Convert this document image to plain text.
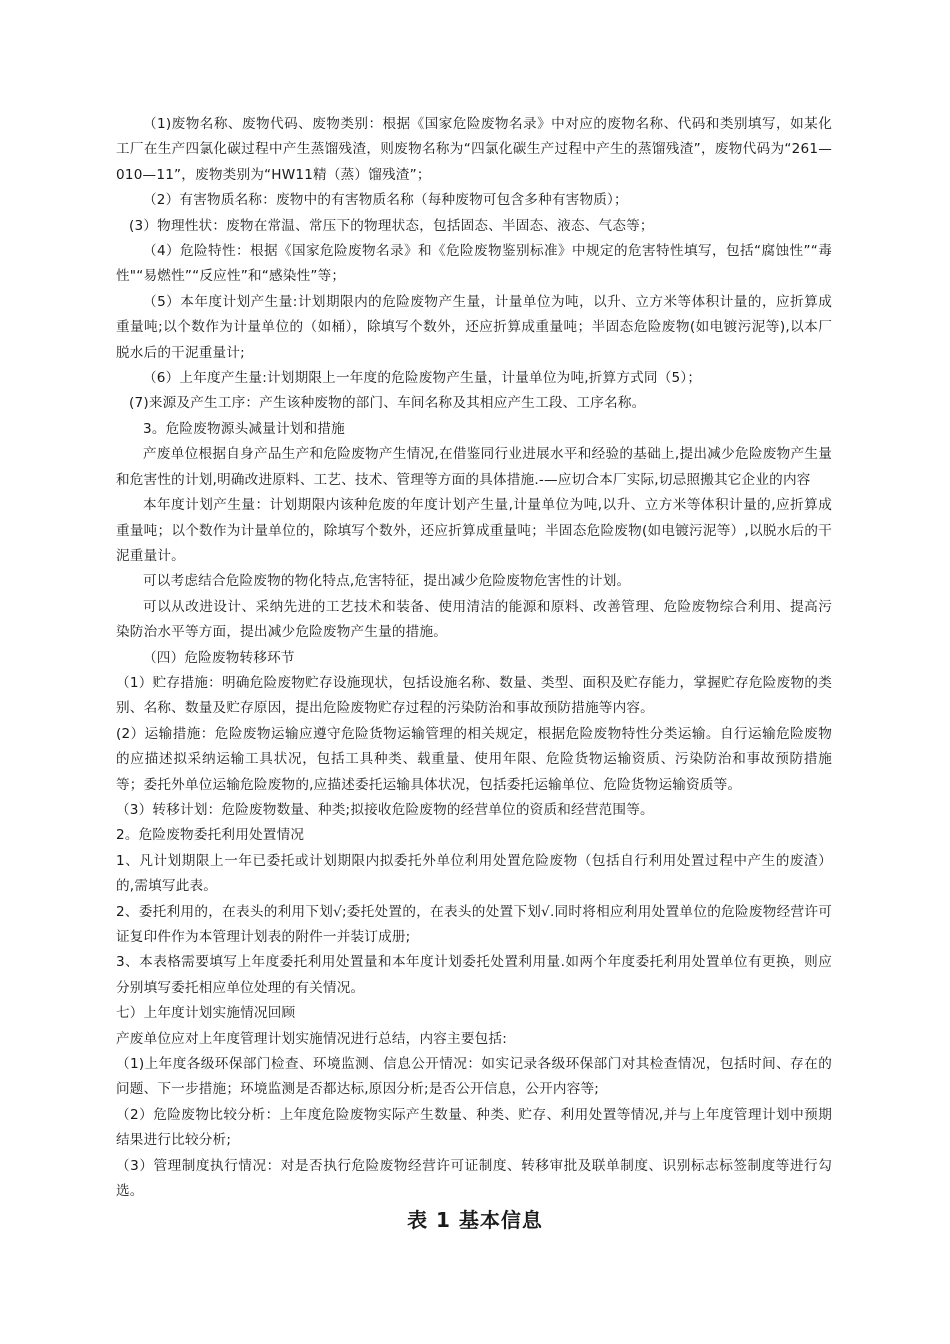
（1)废物名称、废物代码、废物类别：根据《国家危险废物名录》中对应的废物名称、代码和类别填写，如某化工厂在生产四氯化碳过程中产生蒸馏残渣，则废物名称为“四氯化碳生产过程中产生的蒸馏残渣”，废物代码为“261—010—11”，废物类别为“HW11精（蒸）馏残渣”；

（2）有害物质名称：废物中的有害物质名称（每种废物可包含多种有害物质）；

(3）物理性状：废物在常温、常压下的物理状态，包括固态、半固态、液态、气态等；

（4）危险特性：根据《国家危险废物名录》和《危险废物鉴别标准》中规定的危害特性填写，包括“腐蚀性”“毒性"“易燃性”“反应性”和“感染性”等；

（5）本年度计划产生量:计划期限内的危险废物产生量，计量单位为吨，以升、立方米等体积计量的，应折算成重量吨;以个数作为计量单位的（如桶），除填写个数外，还应折算成重量吨；半固态危险废物(如电镀污泥等),以本厂脱水后的干泥重量计;

（6）上年度产生量:计划期限上一年度的危险废物产生量，计量单位为吨,折算方式同（5）；

(7)来源及产生工序：产生该种废物的部门、车间名称及其相应产生工段、工序名称。

3。危险废物源头减量计划和措施

产废单位根据自身产品生产和危险废物产生情况,在借鉴同行业进展水平和经验的基础上,提出减少危险废物产生量和危害性的计划,明确改进原料、工艺、技术、管理等方面的具体措施.-—应切合本厂实际,切忌照搬其它企业的内容

本年度计划产生量：计划期限内该种危废的年度计划产生量,计量单位为吨,以升、立方米等体积计量的,应折算成重量吨；以个数作为计量单位的，除填写个数外，还应折算成重量吨；半固态危险废物(如电镀污泥等）,以脱水后的干泥重量计。

可以考虑结合危险废物的物化特点,危害特征，提出减少危险废物危害性的计划。

可以从改进设计、采纳先进的工艺技术和装备、使用清洁的能源和原料、改善管理、危险废物综合利用、提高污染防治水平等方面，提出减少危险废物产生量的措施。

（四）危险废物转移环节

（1）贮存措施：明确危险废物贮存设施现状，包括设施名称、数量、类型、面积及贮存能力，掌握贮存危险废物的类别、名称、数量及贮存原因，提出危险废物贮存过程的污染防治和事故预防措施等内容。

(2）运输措施：危险废物运输应遵守危险货物运输管理的相关规定，根据危险废物特性分类运输。自行运输危险废物的应描述拟采纳运输工具状况，包括工具种类、载重量、使用年限、危险货物运输资质、污染防治和事故预防措施等；委托外单位运输危险废物的,应描述委托运输具体状况，包括委托运输单位、危险货物运输资质等。

（3）转移计划：危险废物数量、种类;拟接收危险废物的经营单位的资质和经营范围等。

2。危险废物委托利用处置情况

1、凡计划期限上一年已委托或计划期限内拟委托外单位利用处置危险废物（包括自行利用处置过程中产生的废渣）的,需填写此表。

2、委托利用的，在表头的利用下划√;委托处置的，在表头的处置下划√.同时将相应利用处置单位的危险废物经营许可证复印件作为本管理计划表的附件一并装订成册;

3、本表格需要填写上年度委托利用处置量和本年度计划委托处置利用量.如两个年度委托利用处置单位有更换，则应分别填写委托相应单位处理的有关情况。

七）上年度计划实施情况回顾

产废单位应对上年度管理计划实施情况进行总结，内容主要包括:

（1)上年度各级环保部门检查、环境监测、信息公开情况：如实记录各级环保部门对其检查情况，包括时间、存在的问题、下一步措施；环境监测是否都达标,原因分析;是否公开信息，公开内容等;

（2）危险废物比较分析：上年度危险废物实际产生数量、种类、贮存、利用处置等情况,并与上年度管理计划中预期结果进行比较分析;

（3）管理制度执行情况：对是否执行危险废物经营许可证制度、转移审批及联单制度、识别标志标签制度等进行勾选。

表 1 基本信息
